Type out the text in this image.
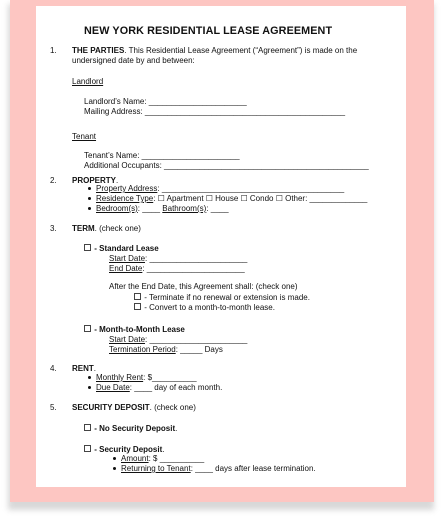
NEW YORK RESIDENTIAL LEASE AGREEMENT
1. THE PARTIES. This Residential Lease Agreement (“Agreement”) is made on the
undersigned date by and between:
Landlord
Landlord’s Name: ______________________
Mailing Address: _____________________________________________
Tenant
Tenant’s Name: ______________________
Additional Occupants: ______________________________________________
2. PROPERTY.
Property Address: _________________________________________
Residence Type: ☐ Apartment ☐ House ☐ Condo ☐ Other: _____________
Bedroom(s): ____ Bathroom(s): ____
3. TERM. (check one)
- Standard Lease
Start Date: ______________________
End Date: ______________________
After the End Date, this Agreement shall: (check one)
- Terminate if no renewal or extension is made.
- Convert to a month-to-month lease.
- Month-to-Month Lease
Start Date: ______________________
Termination Period: _____ Days
4. RENT.
Monthly Rent: $__________
Due Date: ____ day of each month.
5. SECURITY DEPOSIT. (check one)
- No Security Deposit.
- Security Deposit.
Amount: $ __________
Returning to Tenant: ____ days after lease termination.
